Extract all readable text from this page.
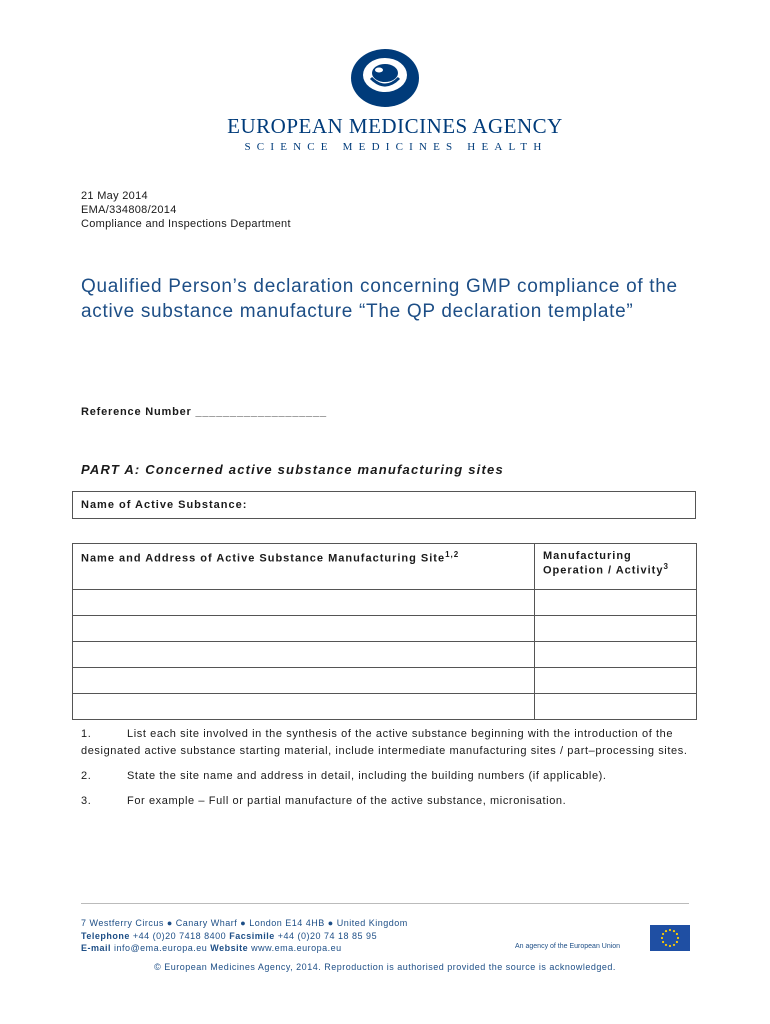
EUROPEAN MEDICINES AGENCY
SCIENCE MEDICINES HEALTH
21 May 2014
EMA/334808/2014
Compliance and Inspections Department
Qualified Person’s declaration concerning GMP compliance of the active substance manufacture “The QP declaration template”
Reference Number ___________________
PART A: Concerned active substance manufacturing sites
Name of Active Substance:
Name and Address of Active Substance Manufacturing Site$^{1,2}$	Manufacturing
Operation / Activity$^3$

1.	List each site involved in the synthesis of the active substance beginning with the introduction of the designated active substance starting material, include intermediate manufacturing sites / part–processing sites.
2.	State the site name and address in detail, including the building numbers (if applicable).
3.	For example – Full or partial manufacture of the active substance, micronisation.
7 Westferry Circus ● Canary Wharf ● London E14 4HB ● United Kingdom
Telephone +44 (0)20 7418 8400 Facsimile +44 (0)20 74 18 85 95
E-mail info@ema.europa.eu Website www.ema.europa.eu	An agency of the European Union
© European Medicines Agency, 2014. Reproduction is authorised provided the source is acknowledged.
